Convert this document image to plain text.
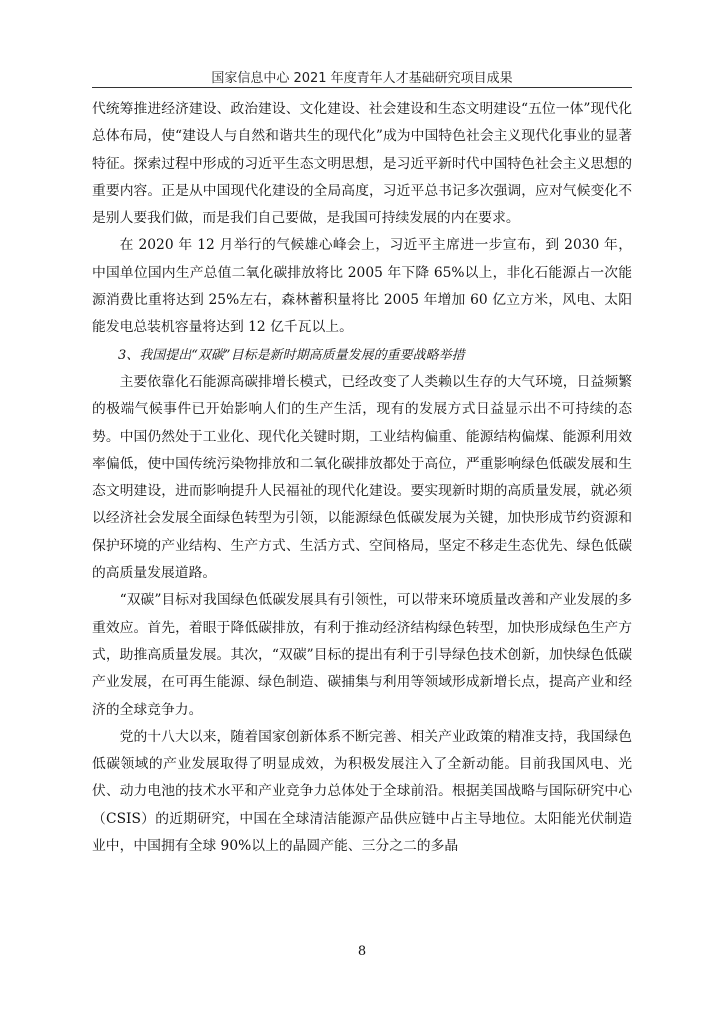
国家信息中心 2021 年度青年人才基础研究项目成果

代统筹推进经济建设、政治建设、文化建设、社会建设和生态文明建设“五位一体”现代化总体布局，使“建设人与自然和谐共生的现代化”成为中国特色社会主义现代化事业的显著特征。探索过程中形成的习近平生态文明思想，是习近平新时代中国特色社会主义思想的重要内容。正是从中国现代化建设的全局高度，习近平总书记多次强调，应对气候变化不是别人要我们做，而是我们自己要做，是我国可持续发展的内在要求。

在 2020 年 12 月举行的气候雄心峰会上，习近平主席进一步宣布，到 2030 年，中国单位国内生产总值二氧化碳排放将比 2005 年下降 65%以上，非化石能源占一次能源消费比重将达到 25%左右，森林蓄积量将比 2005 年增加 60 亿立方米，风电、太阳能发电总装机容量将达到 12 亿千瓦以上。

3、我国提出“双碳”目标是新时期高质量发展的重要战略举措

主要依靠化石能源高碳排增长模式，已经改变了人类赖以生存的大气环境，日益频繁的极端气候事件已开始影响人们的生产生活，现有的发展方式日益显示出不可持续的态势。中国仍然处于工业化、现代化关键时期，工业结构偏重、能源结构偏煤、能源利用效率偏低，使中国传统污染物排放和二氧化碳排放都处于高位，严重影响绿色低碳发展和生态文明建设，进而影响提升人民福祉的现代化建设。要实现新时期的高质量发展，就必须以经济社会发展全面绿色转型为引领，以能源绿色低碳发展为关键，加快形成节约资源和保护环境的产业结构、生产方式、生活方式、空间格局，坚定不移走生态优先、绿色低碳的高质量发展道路。

“双碳”目标对我国绿色低碳发展具有引领性，可以带来环境质量改善和产业发展的多重效应。首先，着眼于降低碳排放，有利于推动经济结构绿色转型，加快形成绿色生产方式，助推高质量发展。其次，“双碳”目标的提出有利于引导绿色技术创新，加快绿色低碳产业发展，在可再生能源、绿色制造、碳捕集与利用等领域形成新增长点，提高产业和经济的全球竞争力。

党的十八大以来，随着国家创新体系不断完善、相关产业政策的精准支持，我国绿色低碳领域的产业发展取得了明显成效，为积极发展注入了全新动能。目前我国风电、光伏、动力电池的技术水平和产业竞争力总体处于全球前沿。根据美国战略与国际研究中心（CSIS）的近期研究，中国在全球清洁能源产品供应链中占主导地位。太阳能光伏制造业中，中国拥有全球 90%以上的晶圆产能、三分之二的多晶

8
